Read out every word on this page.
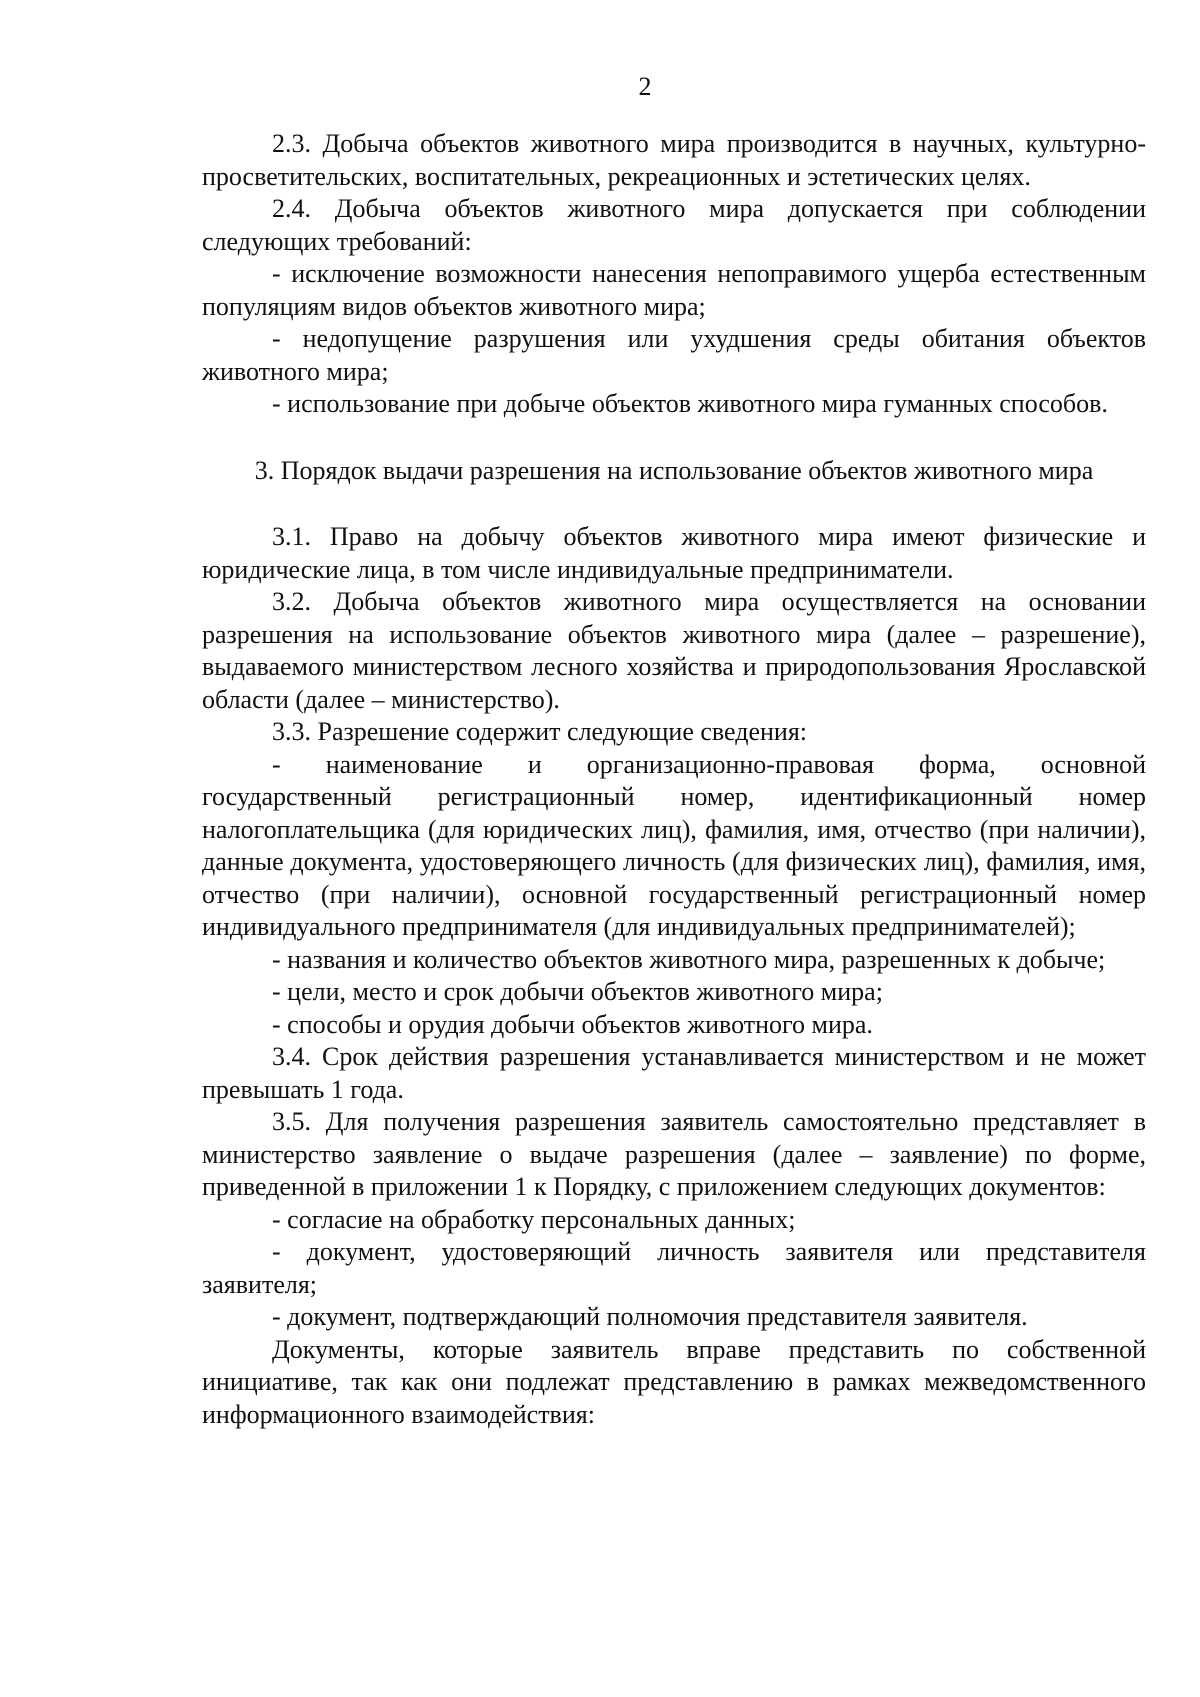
2

2.3. Добыча объектов животного мира производится в научных, культурно-просветительских, воспитательных, рекреационных и эстетических целях.

2.4. Добыча объектов животного мира допускается при соблюдении следующих требований:

- исключение возможности нанесения непоправимого ущерба естественным популяциям видов объектов животного мира;

- недопущение разрушения или ухудшения среды обитания объектов животного мира;

- использование при добыче объектов животного мира гуманных способов.

3. Порядок выдачи разрешения на использование объектов животного мира

3.1. Право на добычу объектов животного мира имеют физические и юридические лица, в том числе индивидуальные предприниматели.

3.2. Добыча объектов животного мира осуществляется на основании разрешения на использование объектов животного мира (далее – разрешение), выдаваемого министерством лесного хозяйства и природопользования Ярославской области (далее – министерство).

3.3. Разрешение содержит следующие сведения:

- наименование и организационно-правовая форма, основной государственный регистрационный номер, идентификационный номер налогоплательщика (для юридических лиц), фамилия, имя, отчество (при наличии), данные документа, удостоверяющего личность (для физических лиц), фамилия, имя, отчество (при наличии), основной государственный регистрационный номер индивидуального предпринимателя (для индивидуальных предпринимателей);

- названия и количество объектов животного мира, разрешенных к добыче;

- цели, место и срок добычи объектов животного мира;

- способы и орудия добычи объектов животного мира.

3.4. Срок действия разрешения устанавливается министерством и не может превышать 1 года.

3.5. Для получения разрешения заявитель самостоятельно представляет в министерство заявление о выдаче разрешения (далее – заявление) по форме, приведенной в приложении 1 к Порядку, с приложением следующих документов:

- согласие на обработку персональных данных;

- документ, удостоверяющий личность заявителя или представителя заявителя;

- документ, подтверждающий полномочия представителя заявителя.

Документы, которые заявитель вправе представить по собственной инициативе, так как они подлежат представлению в рамках межведомственного информационного взаимодействия:
